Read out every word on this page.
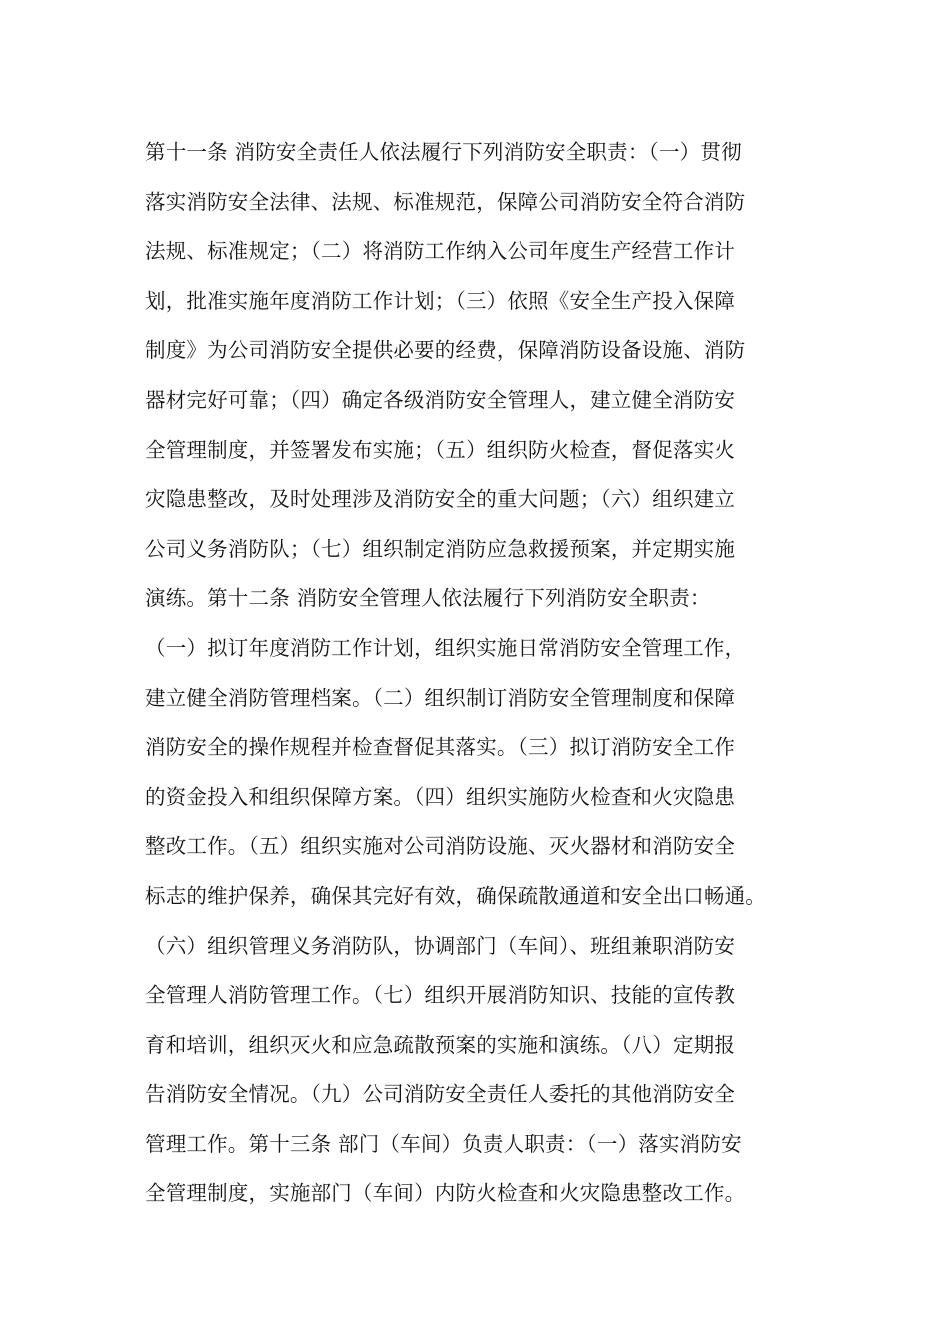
第十一条 消防安全责任人依法履行下列消防安全职责：（一）贯彻
落实消防安全法律、法规、标准规范，保障公司消防安全符合消防
法规、标准规定；（二）将消防工作纳入公司年度生产经营工作计
划，批准实施年度消防工作计划；（三）依照《安全生产投入保障
制度》为公司消防安全提供必要的经费，保障消防设备设施、消防
器材完好可靠；（四）确定各级消防安全管理人，建立健全消防安
全管理制度，并签署发布实施；（五）组织防火检查，督促落实火
灾隐患整改，及时处理涉及消防安全的重大问题；（六）组织建立
公司义务消防队；（七）组织制定消防应急救援预案，并定期实施
演练。第十二条 消防安全管理人依法履行下列消防安全职责：
（一）拟订年度消防工作计划，组织实施日常消防安全管理工作，
建立健全消防管理档案。（二）组织制订消防安全管理制度和保障
消防安全的操作规程并检查督促其落实。（三）拟订消防安全工作
的资金投入和组织保障方案。（四）组织实施防火检查和火灾隐患
整改工作。（五）组织实施对公司消防设施、灭火器材和消防安全
标志的维护保养，确保其完好有效，确保疏散通道和安全出口畅通。
（六）组织管理义务消防队，协调部门（车间）、班组兼职消防安
全管理人消防管理工作。（七）组织开展消防知识、技能的宣传教
育和培训，组织灭火和应急疏散预案的实施和演练。（八）定期报
告消防安全情况。（九）公司消防安全责任人委托的其他消防安全
管理工作。第十三条 部门（车间）负责人职责：（一）落实消防安
全管理制度，实施部门（车间）内防火检查和火灾隐患整改工作。
